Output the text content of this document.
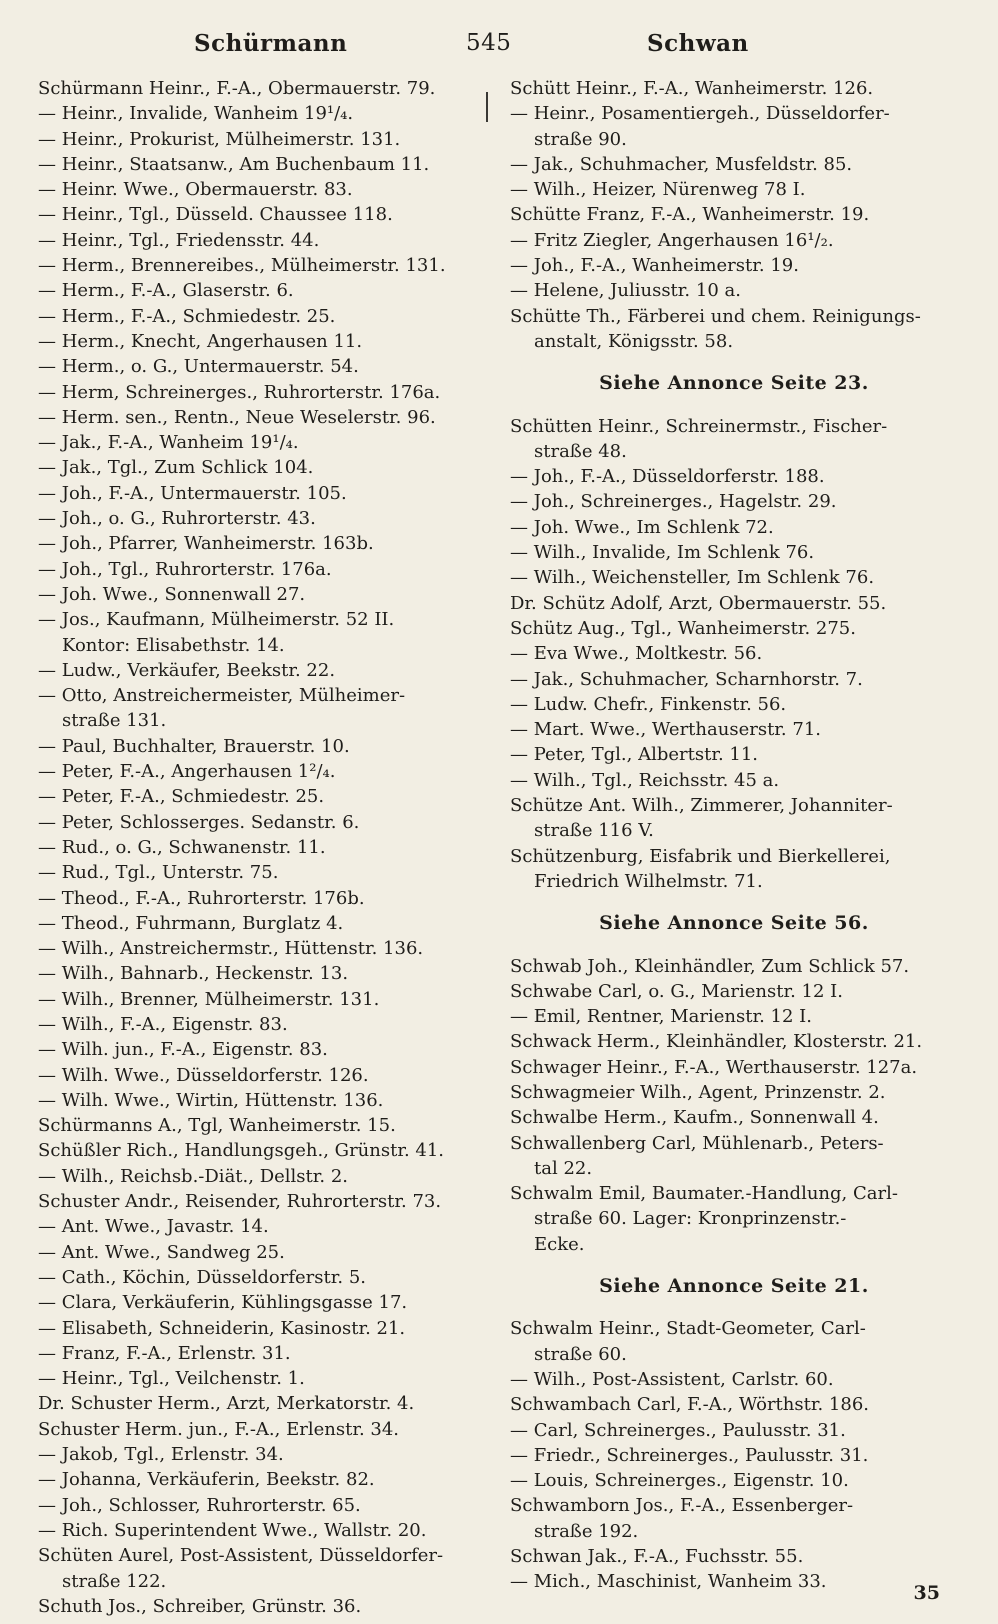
Schürmann	545	Schwan
Schürmann Heinr., F.-A., Obermauerstr. 79.
— Heinr., Invalide, Wanheim 19¹/₄.
— Heinr., Prokurist, Mülheimerstr. 131.
— Heinr., Staatsanw., Am Buchenbaum 11.
— Heinr. Wwe., Obermauerstr. 83.
— Heinr., Tgl., Düsseld. Chaussee 118.
— Heinr., Tgl., Friedensstr. 44.
— Herm., Brennereibes., Mülheimerstr. 131.
— Herm., F.-A., Glaserstr. 6.
— Herm., F.-A., Schmiedestr. 25.
— Herm., Knecht, Angerhausen 11.
— Herm., o. G., Untermauerstr. 54.
— Herm, Schreinerges., Ruhrorterstr. 176a.
— Herm. sen., Rentn., Neue Weselerstr. 96.
— Jak., F.-A., Wanheim 19¹/₄.
— Jak., Tgl., Zum Schlick 104.
— Joh., F.-A., Untermauerstr. 105.
— Joh., o. G., Ruhrorterstr. 43.
— Joh., Pfarrer, Wanheimerstr. 163b.
— Joh., Tgl., Ruhrorterstr. 176a.
— Joh. Wwe., Sonnenwall 27.
— Jos., Kaufmann, Mülheimerstr. 52 II.
Kontor: Elisabethstr. 14.
— Ludw., Verkäufer, Beekstr. 22.
— Otto, Anstreichermeister, Mülheimer-
straße 131.
— Paul, Buchhalter, Brauerstr. 10.
— Peter, F.-A., Angerhausen 1²/₄.
— Peter, F.-A., Schmiedestr. 25.
— Peter, Schlosserges. Sedanstr. 6.
— Rud., o. G., Schwanenstr. 11.
— Rud., Tgl., Unterstr. 75.
— Theod., F.-A., Ruhrorterstr. 176b.
— Theod., Fuhrmann, Burglatz 4.
— Wilh., Anstreichermstr., Hüttenstr. 136.
— Wilh., Bahnarb., Heckenstr. 13.
— Wilh., Brenner, Mülheimerstr. 131.
— Wilh., F.-A., Eigenstr. 83.
— Wilh. jun., F.-A., Eigenstr. 83.
— Wilh. Wwe., Düsseldorferstr. 126.
— Wilh. Wwe., Wirtin, Hüttenstr. 136.
Schürmanns A., Tgl, Wanheimerstr. 15.
Schüßler Rich., Handlungsgeh., Grünstr. 41.
— Wilh., Reichsb.-Diät., Dellstr. 2.
Schuster Andr., Reisender, Ruhrorterstr. 73.
— Ant. Wwe., Javastr. 14.
— Ant. Wwe., Sandweg 25.
— Cath., Köchin, Düsseldorferstr. 5.
— Clara, Verkäuferin, Kühlingsgasse 17.
— Elisabeth, Schneiderin, Kasinostr. 21.
— Franz, F.-A., Erlenstr. 31.
— Heinr., Tgl., Veilchenstr. 1.
Dr. Schuster Herm., Arzt, Merkatorstr. 4.
Schuster Herm. jun., F.-A., Erlenstr. 34.
— Jakob, Tgl., Erlenstr. 34.
— Johanna, Verkäuferin, Beekstr. 82.
— Joh., Schlosser, Ruhrorterstr. 65.
— Rich. Superintendent Wwe., Wallstr. 20.
Schüten Aurel, Post-Assistent, Düsseldorfer-
straße 122.
Schuth Jos., Schreiber, Grünstr. 36.
Schütt Heinr., F.-A., Wanheimerstr. 126.
— Heinr., Posamentiergeh., Düsseldorfer-
straße 90.
— Jak., Schuhmacher, Musfeldstr. 85.
— Wilh., Heizer, Nürenweg 78 I.
Schütte Franz, F.-A., Wanheimerstr. 19.
— Fritz Ziegler, Angerhausen 16¹/₂.
— Joh., F.-A., Wanheimerstr. 19.
— Helene, Juliusstr. 10 a.
Schütte Th., Färberei und chem. Reinigungs-
anstalt, Königsstr. 58.
Siehe Annonce Seite 23.
Schütten Heinr., Schreinermstr., Fischer-
straße 48.
— Joh., F.-A., Düsseldorferstr. 188.
— Joh., Schreinerges., Hagelstr. 29.
— Joh. Wwe., Im Schlenk 72.
— Wilh., Invalide, Im Schlenk 76.
— Wilh., Weichensteller, Im Schlenk 76.
Dr. Schütz Adolf, Arzt, Obermauerstr. 55.
Schütz Aug., Tgl., Wanheimerstr. 275.
— Eva Wwe., Moltkestr. 56.
— Jak., Schuhmacher, Scharnhorstr. 7.
— Ludw. Chefr., Finkenstr. 56.
— Mart. Wwe., Werthauserstr. 71.
— Peter, Tgl., Albertstr. 11.
— Wilh., Tgl., Reichsstr. 45 a.
Schütze Ant. Wilh., Zimmerer, Johanniter-
straße 116 V.
Schützenburg, Eisfabrik und Bierkellerei,
Friedrich Wilhelmstr. 71.
Siehe Annonce Seite 56.
Schwab Joh., Kleinhändler, Zum Schlick 57.
Schwabe Carl, o. G., Marienstr. 12 I.
— Emil, Rentner, Marienstr. 12 I.
Schwack Herm., Kleinhändler, Klosterstr. 21.
Schwager Heinr., F.-A., Werthauserstr. 127a.
Schwagmeier Wilh., Agent, Prinzenstr. 2.
Schwalbe Herm., Kaufm., Sonnenwall 4.
Schwallenberg Carl, Mühlenarb., Peters-
tal 22.
Schwalm Emil, Baumater.-Handlung, Carl-
straße 60. Lager: Kronprinzenstr.-
Ecke.
Siehe Annonce Seite 21.
Schwalm Heinr., Stadt-Geometer, Carl-
straße 60.
— Wilh., Post-Assistent, Carlstr. 60.
Schwambach Carl, F.-A., Wörthstr. 186.
— Carl, Schreinerges., Paulusstr. 31.
— Friedr., Schreinerges., Paulusstr. 31.
— Louis, Schreinerges., Eigenstr. 10.
Schwamborn Jos., F.-A., Essenberger-
straße 192.
Schwan Jak., F.-A., Fuchsstr. 55.
— Mich., Maschinist, Wanheim 33.
35
